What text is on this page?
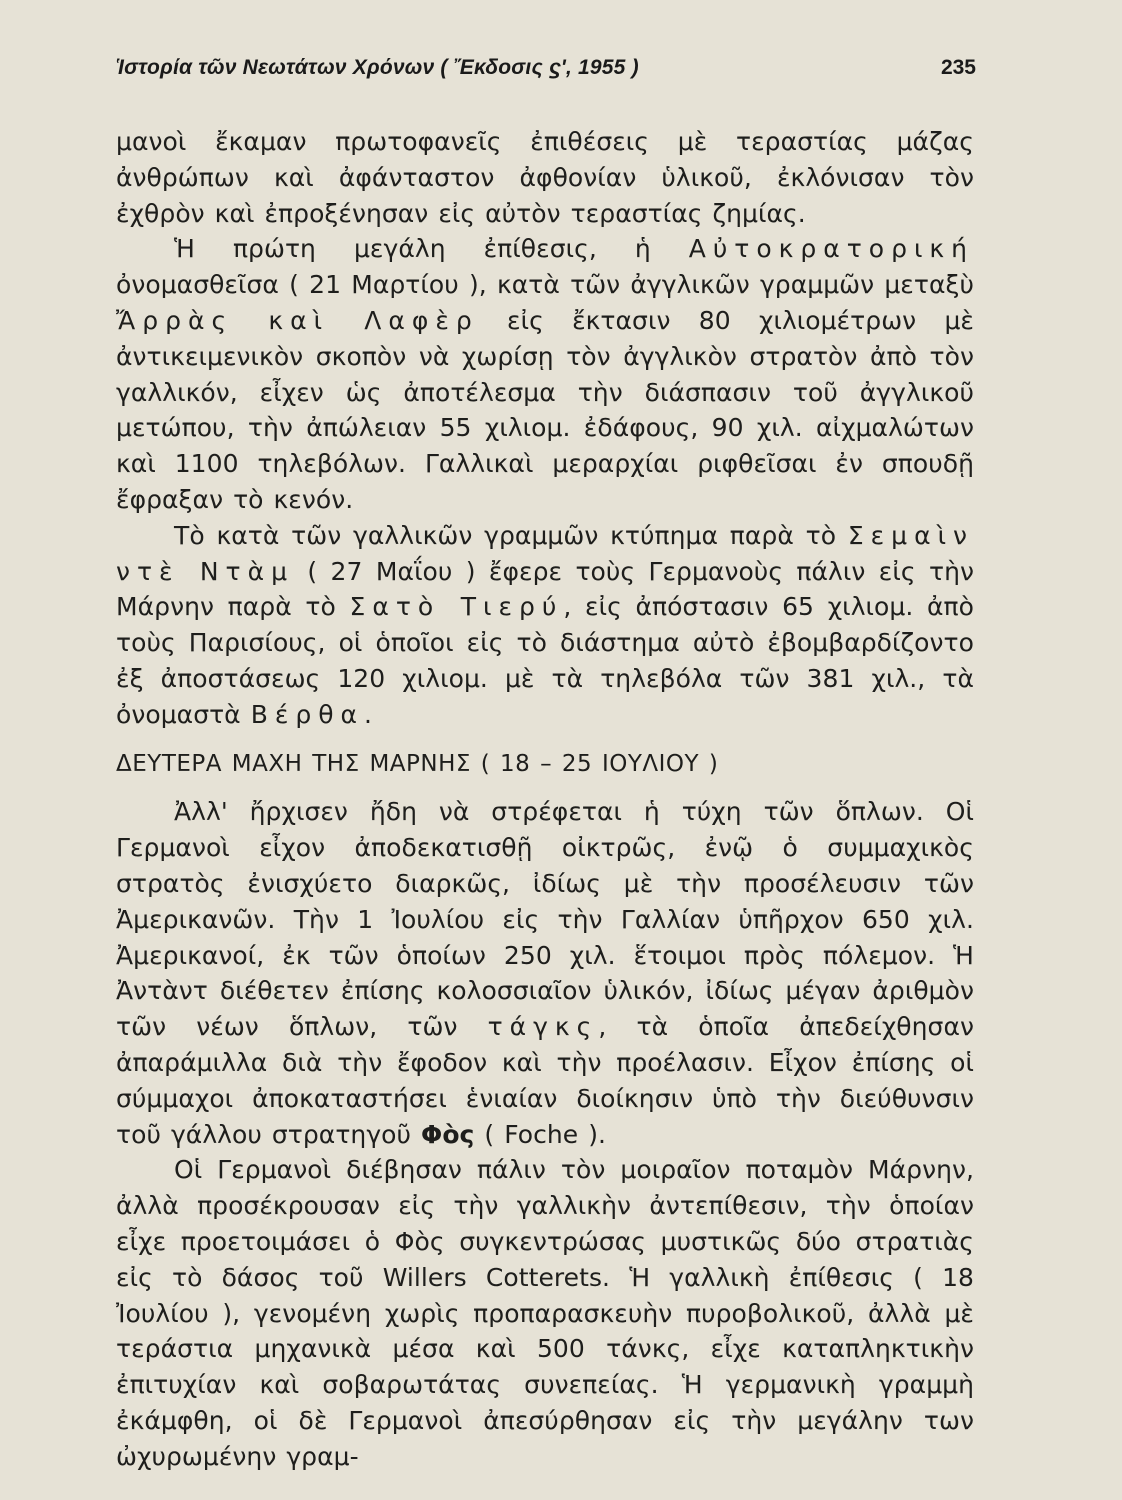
Ἱστορία τῶν Νεωτάτων Χρόνων ( Ἔκδοσις ϛ', 1955 )	235

μανοὶ ἔκαμαν πρωτοφανεῖς ἐπιθέσεις μὲ τεραστίας μάζας ἀνθρώπων καὶ ἀφάνταστον ἀφθονίαν ὑλικοῦ, ἐκλόνισαν τὸν ἐχθρὸν καὶ ἐπροξένησαν εἰς αὐτὸν τεραστίας ζημίας.

Ἡ πρώτη μεγάλη ἐπίθεσις, ἡ Αὐτοκρατορική ὀνομασθεῖσα ( 21 Μαρτίου ), κατὰ τῶν ἀγγλικῶν γραμμῶν μεταξὺ Ἄρρὰς καὶ Λαφὲρ εἰς ἔκτασιν 80 χιλιομέτρων μὲ ἀντικειμενικὸν σκοπὸν νὰ χωρίσῃ τὸν ἀγγλικὸν στρατὸν ἀπὸ τὸν γαλλικόν, εἶχεν ὡς ἀποτέλεσμα τὴν διάσπασιν τοῦ ἀγγλικοῦ μετώπου, τὴν ἀπώλειαν 55 χιλιομ. ἐδάφους, 90 χιλ. αἰχμαλώτων καὶ 1100 τηλεβόλων. Γαλλικαὶ μεραρχίαι ριφθεῖσαι ἐν σπουδῇ ἔφραξαν τὸ κενόν.

Τὸ κατὰ τῶν γαλλικῶν γραμμῶν κτύπημα παρὰ τὸ Σεμαὶν ντὲ Ντὰμ ( 27 Μαΐου ) ἔφερε τοὺς Γερμανοὺς πάλιν εἰς τὴν Μάρνην παρὰ τὸ Σατὸ Τιερύ, εἰς ἀπόστασιν 65 χιλιομ. ἀπὸ τοὺς Παρισίους, οἱ ὁποῖοι εἰς τὸ διάστημα αὐτὸ ἐβομβαρδίζοντο ἐξ ἀποστάσεως 120 χιλιομ. μὲ τὰ τηλεβόλα τῶν 381 χιλ., τὰ ὀνομαστὰ Βέρθα.

ΔΕΥΤΕΡΑ ΜΑΧΗ ΤΗΣ ΜΑΡΝΗΣ ( 18 – 25 ΙΟΥΛΙΟΥ )

Ἀλλ' ἤρχισεν ἤδη νὰ στρέφεται ἡ τύχη τῶν ὅπλων. Οἱ Γερμανοὶ εἶχον ἀποδεκατισθῇ οἰκτρῶς, ἐνῷ ὁ συμμαχικὸς στρατὸς ἐνισχύετο διαρκῶς, ἰδίως μὲ τὴν προσέλευσιν τῶν Ἀμερικανῶν. Τὴν 1 Ἰουλίου εἰς τὴν Γαλλίαν ὑπῆρχον 650 χιλ. Ἀμερικανοί, ἐκ τῶν ὁποίων 250 χιλ. ἕτοιμοι πρὸς πόλεμον. Ἡ Ἀντὰντ διέθετεν ἐπίσης κολοσσιαῖον ὑλικόν, ἰδίως μέγαν ἀριθμὸν τῶν νέων ὅπλων, τῶν τάγκς, τὰ ὁποῖα ἀπεδείχθησαν ἀπαράμιλλα διὰ τὴν ἔφοδον καὶ τὴν προέλασιν. Εἶχον ἐπίσης οἱ σύμμαχοι ἀποκαταστήσει ἑνιαίαν διοίκησιν ὑπὸ τὴν διεύθυνσιν τοῦ γάλλου στρατηγοῦ Φὸς ( Foche ).

Οἱ Γερμανοὶ διέβησαν πάλιν τὸν μοιραῖον ποταμὸν Μάρνην, ἀλλὰ προσέκρουσαν εἰς τὴν γαλλικὴν ἀντεπίθεσιν, τὴν ὁποίαν εἶχε προετοιμάσει ὁ Φὸς συγκεντρώσας μυστικῶς δύο στρατιὰς εἰς τὸ δάσος τοῦ Willers Cotterets. Ἡ γαλλικὴ ἐπίθεσις ( 18 Ἰουλίου ), γενομένη χωρὶς προπαρασκευὴν πυροβολικοῦ, ἀλλὰ μὲ τεράστια μηχανικὰ μέσα καὶ 500 τάνκς, εἶχε καταπληκτικὴν ἐπιτυχίαν καὶ σοβαρωτάτας συνεπείας. Ἡ γερμανικὴ γραμμὴ ἐκάμφθη, οἱ δὲ Γερμανοὶ ἀπεσύρθησαν εἰς τὴν μεγάλην των ὠχυρωμένην γραμ-
